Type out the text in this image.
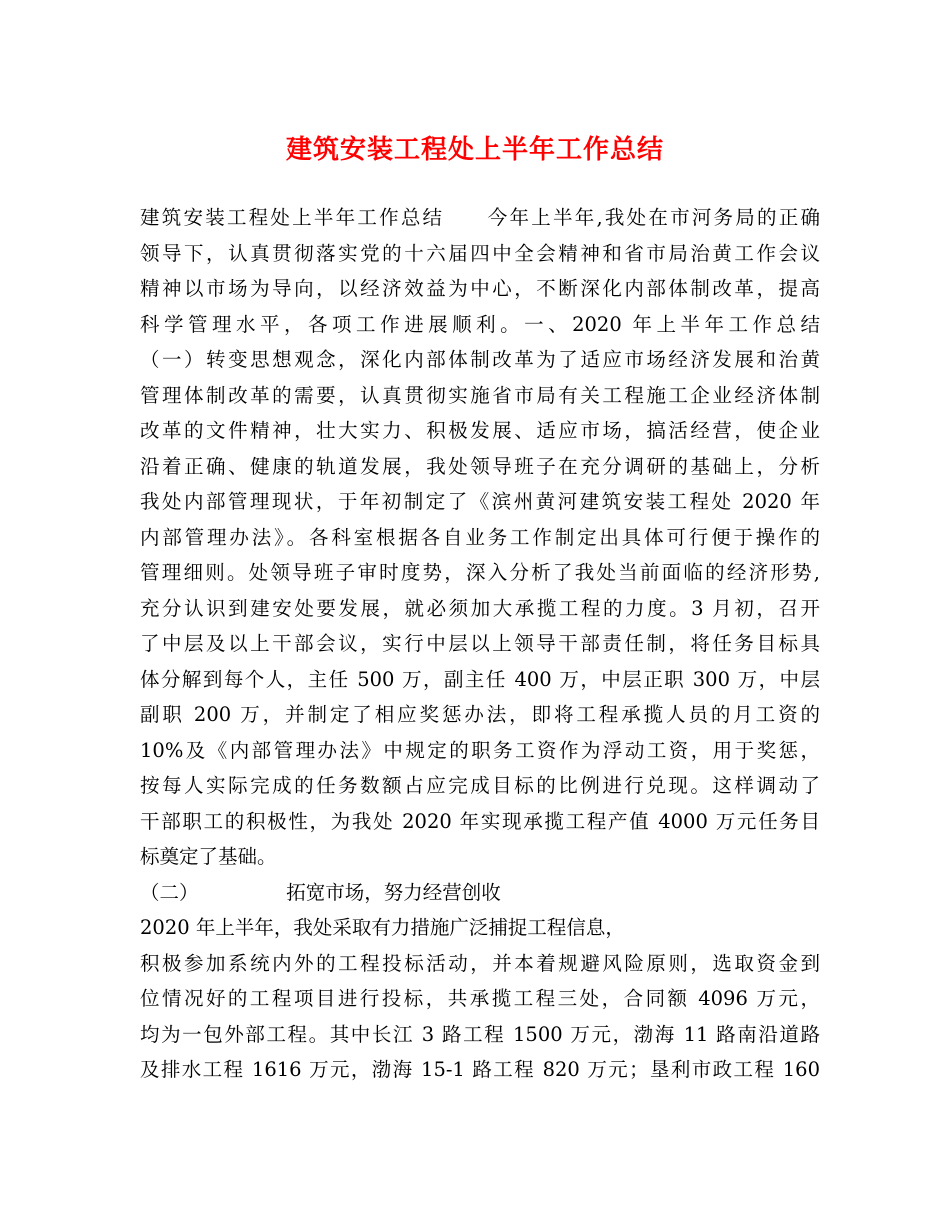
建筑安装工程处上半年工作总结
建筑安装工程处上半年工作总结　　今年上半年,我处在市河务局的正确
领导下，认真贯彻落实党的十六届四中全会精神和省市局治黄工作会议
精神以市场为导向，以经济效益为中心，不断深化内部体制改革，提高
科学管理水平，各项工作进展顺利。一、2020 年上半年工作总结
（一）转变思想观念，深化内部体制改革为了适应市场经济发展和治黄
管理体制改革的需要，认真贯彻实施省市局有关工程施工企业经济体制
改革的文件精神，壮大实力、积极发展、适应市场，搞活经营，使企业
沿着正确、健康的轨道发展，我处领导班子在充分调研的基础上，分析
我处内部管理现状，于年初制定了《滨州黄河建筑安装工程处 2020 年
内部管理办法》。各科室根据各自业务工作制定出具体可行便于操作的
管理细则。处领导班子审时度势，深入分析了我处当前面临的经济形势,
充分认识到建安处要发展，就必须加大承揽工程的力度。3 月初，召开
了中层及以上干部会议，实行中层以上领导干部责任制，将任务目标具
体分解到每个人，主任 500 万，副主任 400 万，中层正职 300 万，中层
副职 200 万，并制定了相应奖惩办法，即将工程承揽人员的月工资的
10%及《内部管理办法》中规定的职务工资作为浮动工资，用于奖惩，
按每人实际完成的任务数额占应完成目标的比例进行兑现。这样调动了
干部职工的积极性，为我处 2020 年实现承揽工程产值 4000 万元任务目
标奠定了基础。
（二）　　　　　拓宽市场，努力经营创收
2020 年上半年，我处采取有力措施广泛捕捉工程信息，
积极参加系统内外的工程投标活动，并本着规避风险原则，选取资金到
位情况好的工程项目进行投标，共承揽工程三处，合同额 4096 万元，
均为一包外部工程。其中长江 3 路工程 1500 万元，渤海 11 路南沿道路
及排水工程 1616 万元，渤海 15-1 路工程 820 万元；垦利市政工程 160
